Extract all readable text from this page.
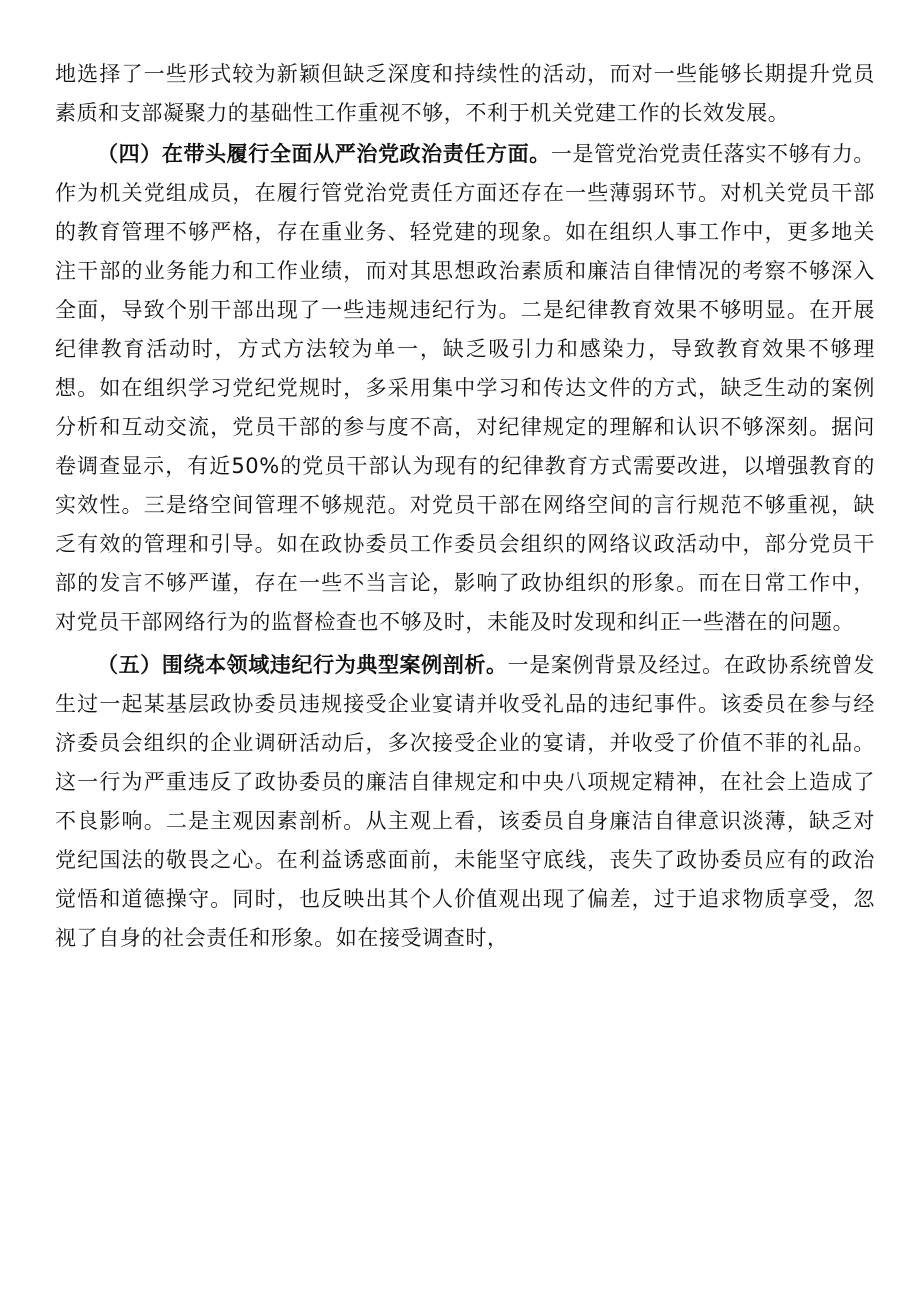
地选择了一些形式较为新颖但缺乏深度和持续性的活动，而对一些能够长期提升党员素质和支部凝聚力的基础性工作重视不够，不利于机关党建工作的长效发展。

（四）在带头履行全面从严治党政治责任方面。一是管党治党责任落实不够有力。作为机关党组成员，在履行管党治党责任方面还存在一些薄弱环节。对机关党员干部的教育管理不够严格，存在重业务、轻党建的现象。如在组织人事工作中，更多地关注干部的业务能力和工作业绩，而对其思想政治素质和廉洁自律情况的考察不够深入全面，导致个别干部出现了一些违规违纪行为。二是纪律教育效果不够明显。在开展纪律教育活动时，方式方法较为单一，缺乏吸引力和感染力，导致教育效果不够理想。如在组织学习党纪党规时，多采用集中学习和传达文件的方式，缺乏生动的案例分析和互动交流，党员干部的参与度不高，对纪律规定的理解和认识不够深刻。据问卷调查显示，有近50%的党员干部认为现有的纪律教育方式需要改进，以增强教育的实效性。三是络空间管理不够规范。对党员干部在网络空间的言行规范不够重视，缺乏有效的管理和引导。如在政协委员工作委员会组织的网络议政活动中，部分党员干部的发言不够严谨，存在一些不当言论，影响了政协组织的形象。而在日常工作中，对党员干部网络行为的监督检查也不够及时，未能及时发现和纠正一些潜在的问题。

（五）围绕本领域违纪行为典型案例剖析。一是案例背景及经过。在政协系统曾发生过一起某基层政协委员违规接受企业宴请并收受礼品的违纪事件。该委员在参与经济委员会组织的企业调研活动后，多次接受企业的宴请，并收受了价值不菲的礼品。这一行为严重违反了政协委员的廉洁自律规定和中央八项规定精神，在社会上造成了不良影响。二是主观因素剖析。从主观上看，该委员自身廉洁自律意识淡薄，缺乏对党纪国法的敬畏之心。在利益诱惑面前，未能坚守底线，丧失了政协委员应有的政治觉悟和道德操守。同时，也反映出其个人价值观出现了偏差，过于追求物质享受，忽视了自身的社会责任和形象。如在接受调查时，
